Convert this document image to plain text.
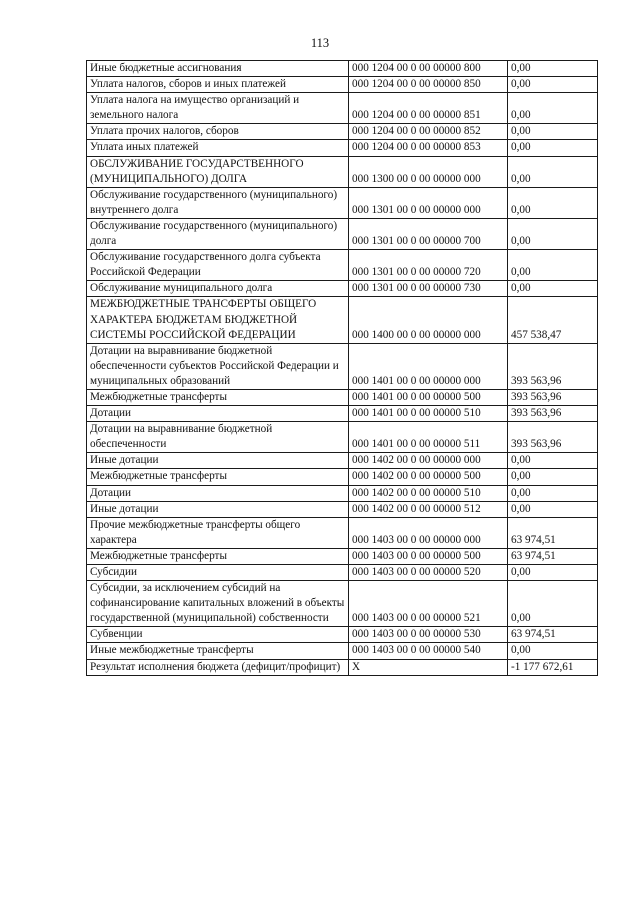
113
Иные бюджетные ассигнования	000 1204 00 0 00 00000 800	0,00
Уплата налогов, сборов и иных платежей	000 1204 00 0 00 00000 850	0,00
Уплата налога на имущество организаций и земельного налога	000 1204 00 0 00 00000 851	0,00
Уплата прочих налогов, сборов	000 1204 00 0 00 00000 852	0,00
Уплата иных платежей	000 1204 00 0 00 00000 853	0,00
ОБСЛУЖИВАНИЕ ГОСУДАРСТВЕННОГО (МУНИЦИПАЛЬНОГО) ДОЛГА	000 1300 00 0 00 00000 000	0,00
Обслуживание государственного (муниципального) внутреннего долга	000 1301 00 0 00 00000 000	0,00
Обслуживание государственного (муниципального) долга	000 1301 00 0 00 00000 700	0,00
Обслуживание государственного долга субъекта Российской Федерации	000 1301 00 0 00 00000 720	0,00
Обслуживание муниципального долга	000 1301 00 0 00 00000 730	0,00
МЕЖБЮДЖЕТНЫЕ ТРАНСФЕРТЫ ОБЩЕГО ХАРАКТЕРА БЮДЖЕТАМ БЮДЖЕТНОЙ СИСТЕМЫ РОССИЙСКОЙ ФЕДЕРАЦИИ	000 1400 00 0 00 00000 000	457 538,47
Дотации на выравнивание бюджетной обеспеченности субъектов Российской Федерации и муниципальных образований	000 1401 00 0 00 00000 000	393 563,96
Межбюджетные трансферты	000 1401 00 0 00 00000 500	393 563,96
Дотации	000 1401 00 0 00 00000 510	393 563,96
Дотации на выравнивание бюджетной обеспеченности	000 1401 00 0 00 00000 511	393 563,96
Иные дотации	000 1402 00 0 00 00000 000	0,00
Межбюджетные трансферты	000 1402 00 0 00 00000 500	0,00
Дотации	000 1402 00 0 00 00000 510	0,00
Иные дотации	000 1402 00 0 00 00000 512	0,00
Прочие межбюджетные трансферты общего характера	000 1403 00 0 00 00000 000	63 974,51
Межбюджетные трансферты	000 1403 00 0 00 00000 500	63 974,51
Субсидии	000 1403 00 0 00 00000 520	0,00
Субсидии, за исключением субсидий на софинансирование капитальных вложений в объекты государственной (муниципальной) собственности	000 1403 00 0 00 00000 521	0,00
Субвенции	000 1403 00 0 00 00000 530	63 974,51
Иные межбюджетные трансферты	000 1403 00 0 00 00000 540	0,00
Результат исполнения бюджета (дефицит/профицит)	X	-1 177 672,61
